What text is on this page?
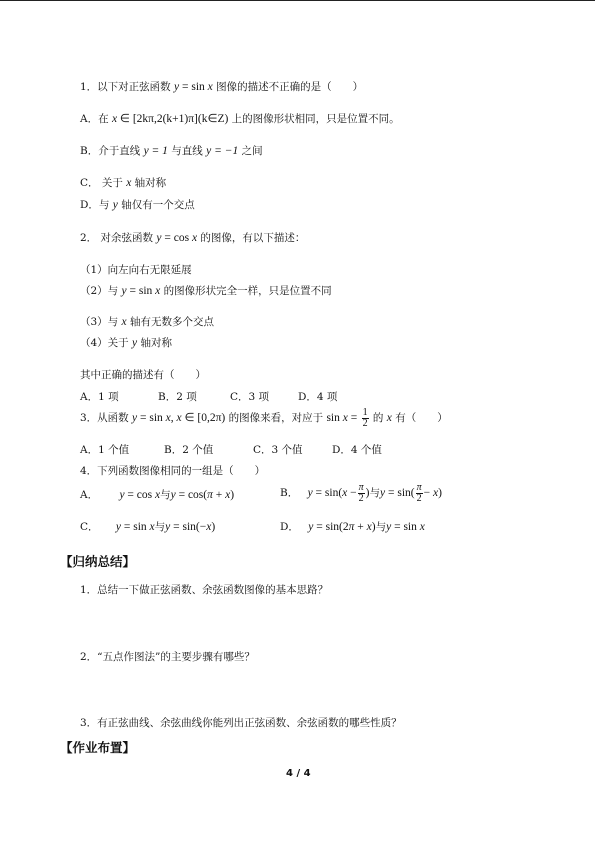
1．以下对正弦函数 y = sin x 图像的描述不正确的是（　　）
A．在 x ∈ [2kπ,2(k+1)π](k∈Z) 上的图像形状相同，只是位置不同。
B．介于直线 y = 1 与直线 y = −1 之间
C． 关于 x 轴对称
D．与 y 轴仅有一个交点
2． 对余弦函数 y = cos x 的图像，有以下描述：
（1）向左向右无限延展
（2）与 y = sin x 的图像形状完全一样，只是位置不同
（3）与 x 轴有无数多个交点
（4）关于 y 轴对称
其中正确的描述有（　　）
A．1 项	B．2 项	C．3 项	D．4 项
3．从函数 y = sin x, x ∈ [0,2π) 的图像来看，对应于 $\sin x = \frac{1}{2}$ 的 x 有（　　）
A．1 个值	B．2 个值	C．3 个值	D．4 个值
4．下列函数图像相同的一组是（　　）
A． y = cos x与y = cos(π + x)	B． $y = \sin(x - \frac{\pi}{2}$ )与$y = \sin( \frac{\pi}{2} - x)$
C． y = sin x与y = sin(−x)	D． y = sin(2π + x)与y = sin x
【归纳总结】
1．总结一下做正弦函数、余弦函数图像的基本思路？
2．“五点作图法”的主要步骤有哪些？
3．有正弦曲线、余弦曲线你能列出正弦函数、余弦函数的哪些性质？
【作业布置】
4 / 4
